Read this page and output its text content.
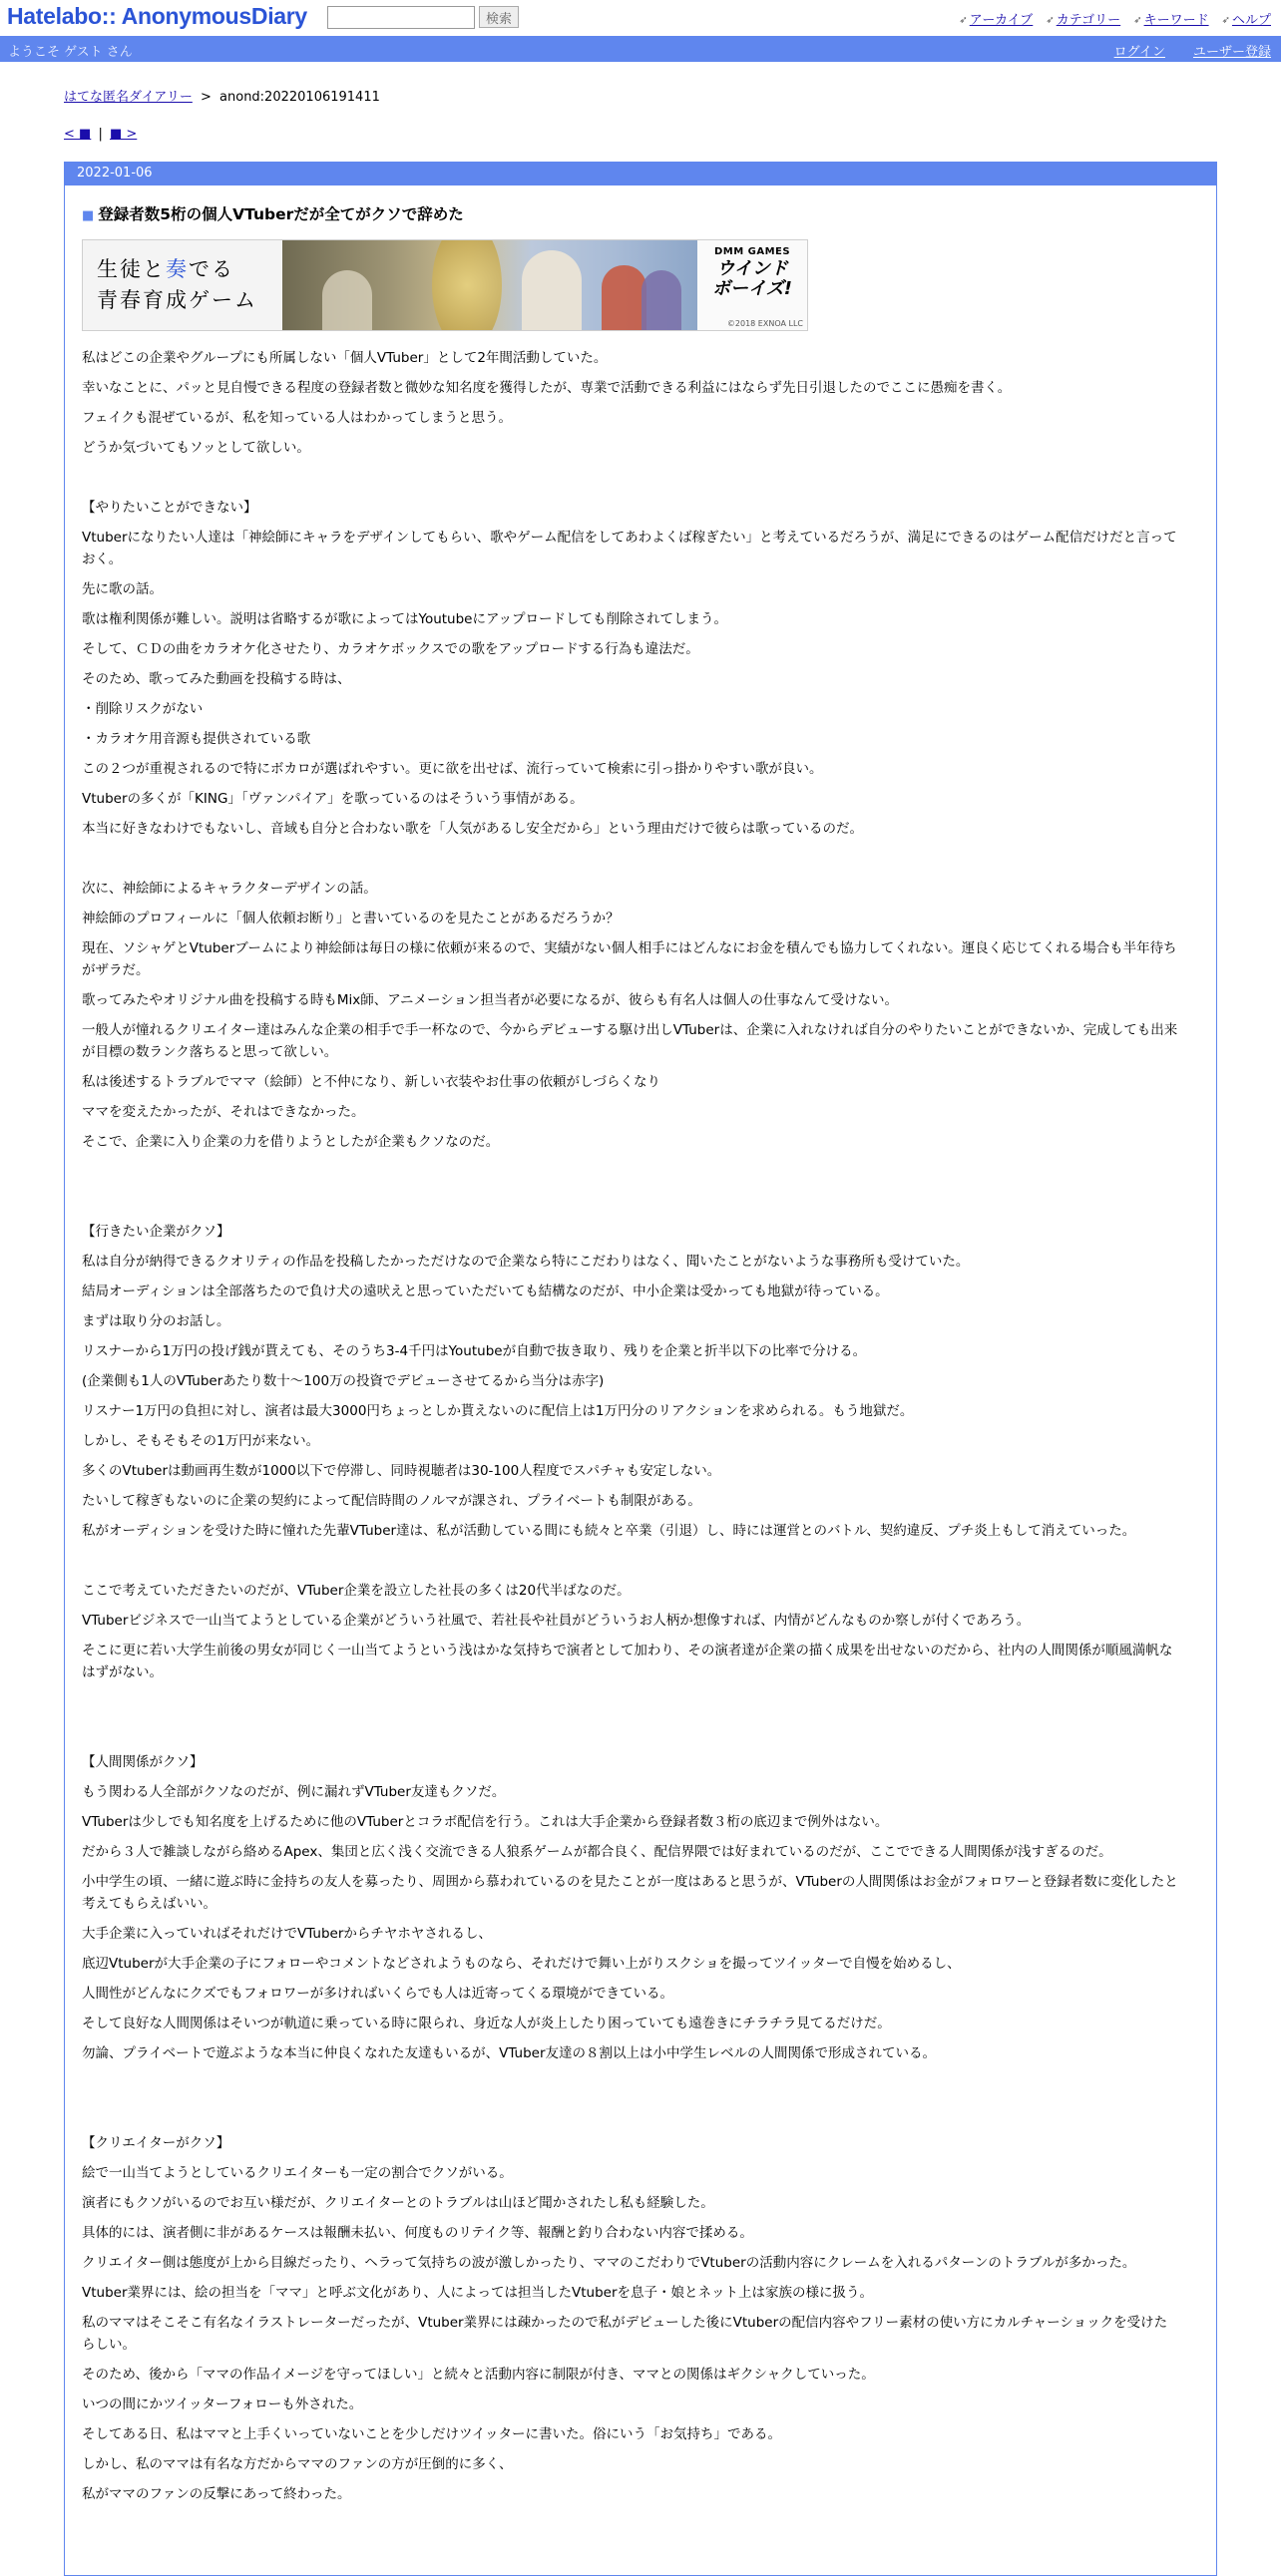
Hatelabo:: AnonymousDiary	検索	➶ アーカイブ ➶ カテゴリー ➶ キーワード ➶ ヘルプ
ようこそ ゲスト さん	ログイン ユーザー登録
はてな匿名ダイアリー > anond:20220106191411
< ■ | ■ >
2022-01-06
■ 登録者数5桁の個人VTuberだが全てがクソで辞めた
生徒と奏でる
青春育成ゲーム
DMM GAMES
ウインド
ボーイズ!
©2018 EXNOA LLC

私はどこの企業やグループにも所属しない「個人VTuber」として2年間活動していた。

幸いなことに、パッと見自慢できる程度の登録者数と微妙な知名度を獲得したが、専業で活動できる利益にはならず先日引退したのでここに愚痴を書く。

フェイクも混ぜているが、私を知っている人はわかってしまうと思う。

どうか気づいてもソッとして欲しい。

【やりたいことができない】

Vtuberになりたい人達は「神絵師にキャラをデザインしてもらい、歌やゲーム配信をしてあわよくば稼ぎたい」と考えているだろうが、満足にできるのはゲーム配信だけだと言っておく。

先に歌の話。

歌は権利関係が難しい。説明は省略するが歌によってはYoutubeにアップロードしても削除されてしまう。

そして、ＣＤの曲をカラオケ化させたり、カラオケボックスでの歌をアップロードする行為も違法だ。

そのため、歌ってみた動画を投稿する時は、

・削除リスクがない

・カラオケ用音源も提供されている歌

この２つが重視されるので特にボカロが選ばれやすい。更に欲を出せば、流行っていて検索に引っ掛かりやすい歌が良い。

Vtuberの多くが「KING」「ヴァンパイア」を歌っているのはそういう事情がある。

本当に好きなわけでもないし、音域も自分と合わない歌を「人気があるし安全だから」という理由だけで彼らは歌っているのだ。

次に、神絵師によるキャラクターデザインの話。

神絵師のプロフィールに「個人依頼お断り」と書いているのを見たことがあるだろうか？

現在、ソシャゲとVtuberブームにより神絵師は毎日の様に依頼が来るので、実績がない個人相手にはどんなにお金を積んでも協力してくれない。運良く応じてくれる場合も半年待ちがザラだ。

歌ってみたやオリジナル曲を投稿する時もMix師、アニメーション担当者が必要になるが、彼らも有名人は個人の仕事なんて受けない。

一般人が憧れるクリエイター達はみんな企業の相手で手一杯なので、今からデビューする駆け出しVTuberは、企業に入れなければ自分のやりたいことができないか、完成しても出来が目標の数ランク落ちると思って欲しい。

私は後述するトラブルでママ（絵師）と不仲になり、新しい衣装やお仕事の依頼がしづらくなり

ママを変えたかったが、それはできなかった。

そこで、企業に入り企業の力を借りようとしたが企業もクソなのだ。

【行きたい企業がクソ】

私は自分が納得できるクオリティの作品を投稿したかっただけなので企業なら特にこだわりはなく、聞いたことがないような事務所も受けていた。

結局オーディションは全部落ちたので負け犬の遠吠えと思っていただいても結構なのだが、中小企業は受かっても地獄が待っている。

まずは取り分のお話し。

リスナーから1万円の投げ銭が貰えても、そのうち3-4千円はYoutubeが自動で抜き取り、残りを企業と折半以下の比率で分ける。

(企業側も1人のVTuberあたり数十～100万の投資でデビューさせてるから当分は赤字)

リスナー1万円の負担に対し、演者は最大3000円ちょっとしか貰えないのに配信上は1万円分のリアクションを求められる。もう地獄だ。

しかし、そもそもその1万円が来ない。

多くのVtuberは動画再生数が1000以下で停滞し、同時視聴者は30-100人程度でスパチャも安定しない。

たいして稼ぎもないのに企業の契約によって配信時間のノルマが課され、プライベートも制限がある。

私がオーディションを受けた時に憧れた先輩VTuber達は、私が活動している間にも続々と卒業（引退）し、時には運営とのバトル、契約違反、プチ炎上もして消えていった。

ここで考えていただきたいのだが、VTuber企業を設立した社長の多くは20代半ばなのだ。

VTuberビジネスで一山当てようとしている企業がどういう社風で、若社長や社員がどういうお人柄か想像すれば、内情がどんなものか察しが付くであろう。

そこに更に若い大学生前後の男女が同じく一山当てようという浅はかな気持ちで演者として加わり、その演者達が企業の描く成果を出せないのだから、社内の人間関係が順風満帆なはずがない。

【人間関係がクソ】

もう関わる人全部がクソなのだが、例に漏れずVTuber友達もクソだ。

VTuberは少しでも知名度を上げるために他のVTuberとコラボ配信を行う。これは大手企業から登録者数３桁の底辺まで例外はない。

だから３人で雑談しながら絡めるApex、集団と広く浅く交流できる人狼系ゲームが都合良く、配信界隈では好まれているのだが、ここでできる人間関係が浅すぎるのだ。

小中学生の頃、一緒に遊ぶ時に金持ちの友人を募ったり、周囲から慕われているのを見たことが一度はあると思うが、VTuberの人間関係はお金がフォロワーと登録者数に変化したと考えてもらえばいい。

大手企業に入っていればそれだけでVTuberからチヤホヤされるし、

底辺Vtuberが大手企業の子にフォローやコメントなどされようものなら、それだけで舞い上がりスクショを撮ってツイッターで自慢を始めるし、

人間性がどんなにクズでもフォロワーが多ければいくらでも人は近寄ってくる環境ができている。

そして良好な人間関係はそいつが軌道に乗っている時に限られ、身近な人が炎上したり困っていても遠巻きにチラチラ見てるだけだ。

勿論、プライベートで遊ぶような本当に仲良くなれた友達もいるが、VTuber友達の８割以上は小中学生レベルの人間関係で形成されている。

【クリエイターがクソ】

絵で一山当てようとしているクリエイターも一定の割合でクソがいる。

演者にもクソがいるのでお互い様だが、クリエイターとのトラブルは山ほど聞かされたし私も経験した。

具体的には、演者側に非があるケースは報酬未払い、何度ものリテイク等、報酬と釣り合わない内容で揉める。

クリエイター側は態度が上から目線だったり、ヘラって気持ちの波が激しかったり、ママのこだわりでVtuberの活動内容にクレームを入れるパターンのトラブルが多かった。

Vtuber業界には、絵の担当を「ママ」と呼ぶ文化があり、人によっては担当したVtuberを息子・娘とネット上は家族の様に扱う。

私のママはそこそこ有名なイラストレーターだったが、Vtuber業界には疎かったので私がデビューした後にVtuberの配信内容やフリー素材の使い方にカルチャーショックを受けたらしい。

そのため、後から「ママの作品イメージを守ってほしい」と続々と活動内容に制限が付き、ママとの関係はギクシャクしていった。

いつの間にかツイッターフォローも外された。

そしてある日、私はママと上手くいっていないことを少しだけツイッターに書いた。俗にいう「お気持ち」である。

しかし、私のママは有名な方だからママのファンの方が圧倒的に多く、

私がママのファンの反撃にあって終わった。
